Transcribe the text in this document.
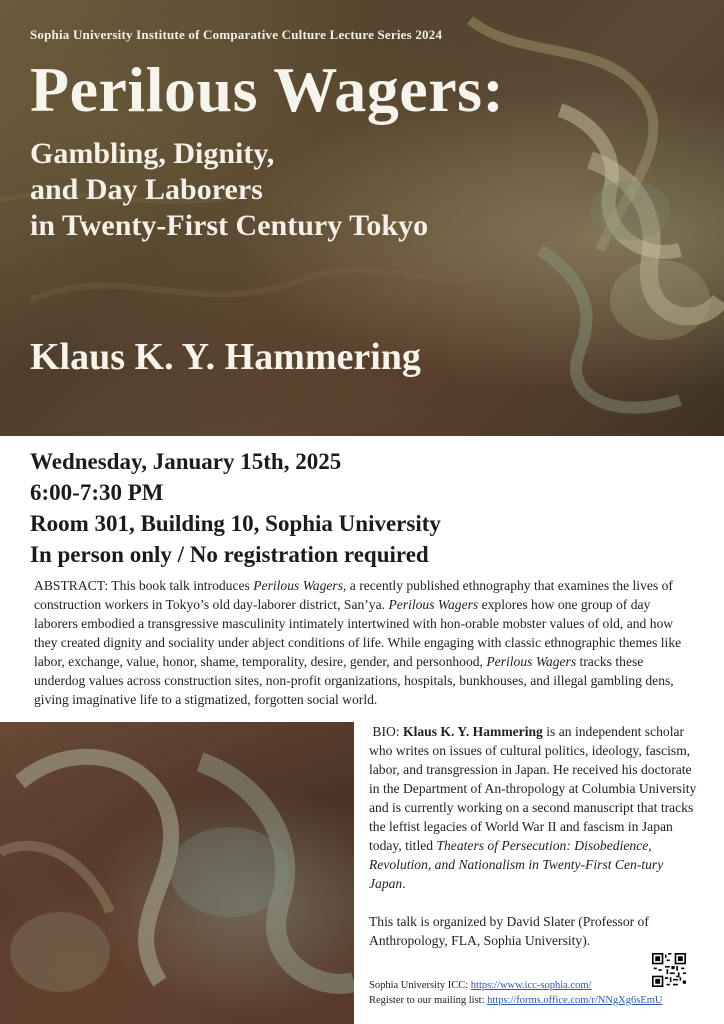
Sophia University Institute of Comparative Culture Lecture Series 2024
Perilous Wagers:
Gambling, Dignity,
and Day Laborers
in Twenty-First Century Tokyo
Klaus K. Y. Hammering
Wednesday, January 15th, 2025
6:00-7:30 PM
Room 301, Building 10, Sophia University
In person only / No registration required
ABSTRACT: This book talk introduces Perilous Wagers, a recently published ethnography that examines the lives of construction workers in Tokyo’s old day-laborer district, San’ya. Perilous Wagers explores how one group of day laborers embodied a transgressive masculinity intimately intertwined with hon-orable mobster values of old, and how they created dignity and sociality under abject conditions of life. While engaging with classic ethnographic themes like labor, exchange, value, honor, shame, temporality, desire, gender, and personhood, Perilous Wagers tracks these underdog values across construction sites, non-profit organizations, hospitals, bunkhouses, and illegal gambling dens, giving imaginative life to a stigmatized, forgotten social world.
BIO: Klaus K. Y. Hammering is an independent scholar who writes on issues of cultural politics, ideology, fascism, labor, and transgression in Japan. He received his doctorate in the Department of An-thropology at Columbia University and is currently working on a second manuscript that tracks the leftist legacies of World War II and fascism in Japan today, titled Theaters of Persecution: Disobedience, Revolution, and Nationalism in Twenty-First Cen-tury Japan.
This talk is organized by David Slater (Professor of Anthropology, FLA, Sophia University).
Sophia University ICC: https://www.icc-sophia.com/
Register to our mailing list: https://forms.office.com/r/NNgXg6sEmU
